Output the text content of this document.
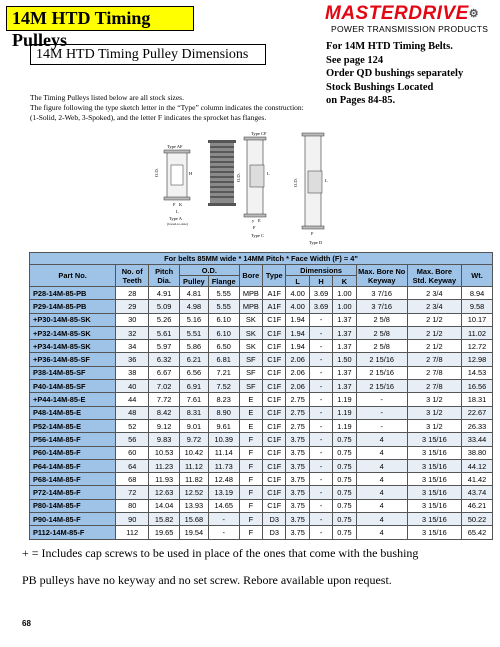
14M HTD Timing Pulleys
MASTERDRIVE⚙
POWER TRANSMISSION PRODUCTS
14M HTD Timing Pulley Dimensions
For 14M HTD Timing Belts.
See page 124
Order QD bushings separately
Stock Bushings Located
on Pages 84-85.
The Timing Pulleys listed below are all stock sizes.
The figure following the type sketch letter in the “Type” column indicates the construction:
(1-Solid, 2-Web, 3-Spoked), and the letter F indicates the sprocket has flanges.
Type AF
O.D.	H
F K
L
Type A
(bored-to-size)
Type CF
O.D.	L
y E
F
Type C
O.D.	L
F
Type D
For belts 85MM wide * 14MM Pitch * Face Width (F) = 4"												
Part No.	No. of Teeth	Pitch Dia.	O.D.		Bore	Type	Dimensions			Max. Bore No Keyway	Max. Bore Std. Keyway	Wt.
			Pulley	Flange			L	H	K			
P28-14M-85-PB	28	4.91	4.81	5.55	MPB	A1F	4.00	3.69	1.00	3 7/16	2 3/4	8.94
P29-14M-85-PB	29	5.09	4.98	5.55	MPB	A1F	4.00	3.69	1.00	3 7/16	2 3/4	9.58
+P30-14M-85-SK	30	5.26	5.16	6.10	SK	C1F	1.94	-	1.37	2 5/8	2 1/2	10.17
+P32-14M-85-SK	32	5.61	5.51	6.10	SK	C1F	1.94	-	1.37	2 5/8	2 1/2	11.02
+P34-14M-85-SK	34	5.97	5.86	6.50	SK	C1F	1.94	-	1.37	2 5/8	2 1/2	12.72
+P36-14M-85-SF	36	6.32	6.21	6.81	SF	C1F	2.06	-	1.50	2 15/16	2 7/8	12.98
P38-14M-85-SF	38	6.67	6.56	7.21	SF	C1F	2.06	-	1.37	2 15/16	2 7/8	14.53
P40-14M-85-SF	40	7.02	6.91	7.52	SF	C1F	2.06	-	1.37	2 15/16	2 7/8	16.56
+P44-14M-85-E	44	7.72	7.61	8.23	E	C1F	2.75	-	1.19	-	3 1/2	18.31
P48-14M-85-E	48	8.42	8.31	8.90	E	C1F	2.75	-	1.19	-	3 1/2	22.67
P52-14M-85-E	52	9.12	9.01	9.61	E	C1F	2.75	-	1.19	-	3 1/2	26.33
P56-14M-85-F	56	9.83	9.72	10.39	F	C1F	3.75	-	0.75	4	3 15/16	33.44
P60-14M-85-F	60	10.53	10.42	11.14	F	C1F	3.75	-	0.75	4	3 15/16	38.80
P64-14M-85-F	64	11.23	11.12	11.73	F	C1F	3.75	-	0.75	4	3 15/16	44.12
P68-14M-85-F	68	11.93	11.82	12.48	F	C1F	3.75	-	0.75	4	3 15/16	41.42
P72-14M-85-F	72	12.63	12.52	13.19	F	C1F	3.75	-	0.75	4	3 15/16	43.74
P80-14M-85-F	80	14.04	13.93	14.65	F	C1F	3.75	-	0.75	4	3 15/16	46.21
P90-14M-85-F	90	15.82	15.68	-	F	D3	3.75	-	0.75	4	3 15/16	50.22
P112-14M-85-F	112	19.65	19.54	-	F	D3	3.75	-	0.75	4	3 15/16	65.42
+ = Includes cap screws to be used in place of the ones that come with the bushing
PB pulleys have no keyway and no set screw. Rebore available upon request.
68
